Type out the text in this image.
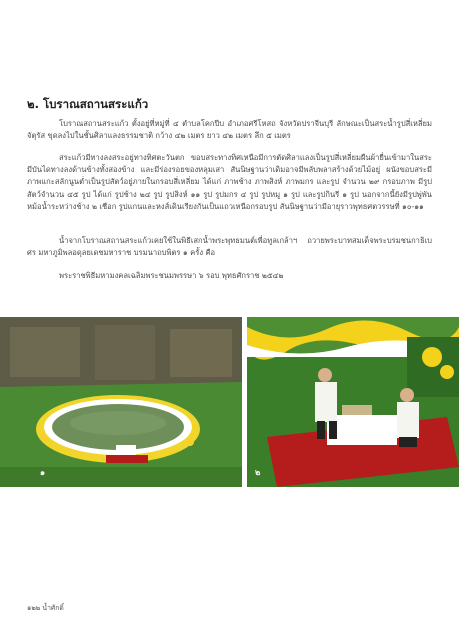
๒. โบราณสถานสระแก้ว
โบราณสถานสระแก้ว ตั้งอยู่ที่หมู่ที่ ๔ ตำบลโคกปีบ อำเภอศรีโหสถ จังหวัดปราจีนบุรี ลักษณะเป็นสระน้ำรูปสี่เหลี่ยมจัตุรัส ขุดลงไปในชั้นศิลาแลงธรรมชาติ กว้าง ๔๒ เมตร ยาว ๔๒ เมตร ลึก ๕ เมตร
สระแก้วมีทางลงสระอยู่ทางทิศตะวันตก ขอบสระทางทิศเหนือมีการตัดศิลาแลงเป็นรูปสี่เหลี่ยมผืนผ้ายื่นเข้ามาในสระ มีบันไดทางลงด้านข้างทั้งสองข้าง และมีร่องรอยของหลุมเสา สันนิษฐานว่าเดิมอาจมีพลับพลาสร้างด้วยไม้อยู่ ผนังขอบสระมีภาพแกะสลักนูนต่ำเป็นรูปสัตว์อยู่ภายในกรอบสี่เหลี่ยม ได้แก่ ภาพช้าง ภาพสิงห์ ภาพมกร และรูป จำนวน ๒๙ กรอบภาพ มีรูปสัตว์จำนวน ๔๕ รูป ได้แก่ รูปช้าง ๒๔ รูป รูปสิงห์ ๑๑ รูป รูปมกร ๔ รูป รูปหมู ๑ รูป และรูปกินรี ๑ รูป นอกจากนี้ยังมีรูปพู่พันหม้อน้ำระหว่างช้าง ๒ เชือก รูปแกนและหงส์เดินเรียงกันเป็นแถวเหนือกรอบรูป สันนิษฐานว่ามีอายุราวพุทธศตวรรษที่ ๑๐-๑๑
น้ำจากโบราณสถานสระแก้วเคยใช้ในพิธีเสกน้ำพระพุทธมนต์เพื่อทูลเกล้าฯ ถวายพระบาทสมเด็จพระบรมชนกาธิเบศร มหาภูมิพลอดุลยเดชมหาราช บรมนาถบพิตร ๑ ครั้ง คือ
พระราชพิธีมหามงคลเฉลิมพระชนมพรรษา ๖ รอบ พุทธศักราช ๒๕๔๒
๑	๒
๑๒๒ น้ำศักดิ์
